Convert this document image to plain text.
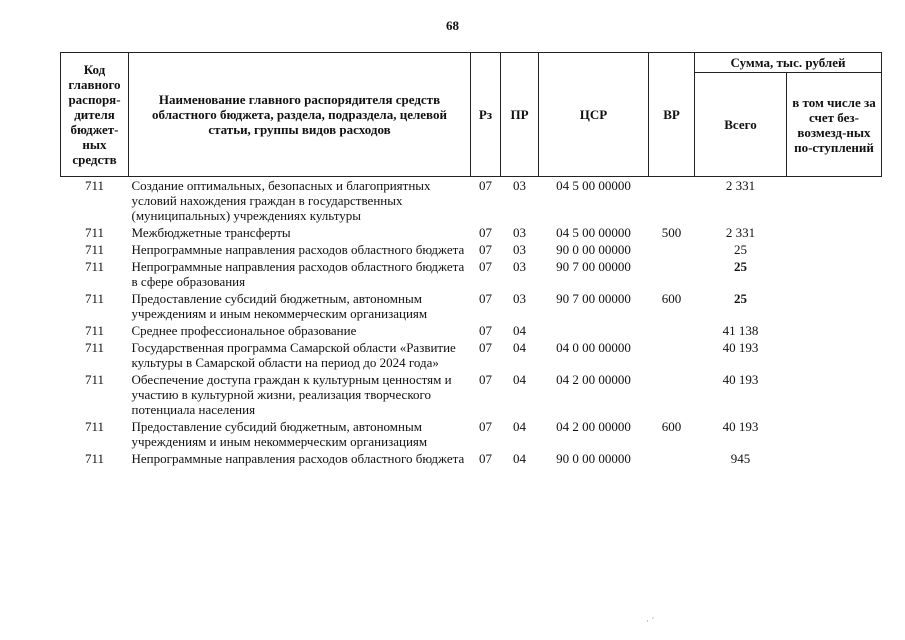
68
Код главного распоря-дителя бюджет-ных средств	Наименование главного распорядителя средств областного бюджета, раздела, подраздела, целевой статьи, группы видов расходов	Рз	ПР	ЦСР	ВР	Сумма, тыс. рублей	
						Всего	в том числе за счет без-возмезд-ных по-ступлений
711	Создание оптимальных, безопасных и благоприятных условий нахождения граждан в государственных (муниципальных) учреждениях культуры	07	03	04 5 00 00000		2 331	
711	Межбюджетные трансферты	07	03	04 5 00 00000	500	2 331	
711	Непрограммные направления расходов областного бюджета	07	03	90 0 00 00000		25	
711	Непрограммные направления расходов областного бюджета в сфере образования	07	03	90 7 00 00000		25	
711	Предоставление субсидий бюджетным, автономным учреждениям и иным некоммерческим организациям	07	03	90 7 00 00000	600	25	
711	Среднее профессиональное образование	07	04			41 138	
711	Государственная программа Самарской области «Развитие культуры в Самарской области на период до 2024 года»	07	04	04 0 00 00000		40 193	
711	Обеспечение доступа граждан к культурным ценностям и участию в культурной жизни, реализация творческого потенциала населения	07	04	04 2 00 00000		40 193	
711	Предоставление субсидий бюджетным, автономным учреждениям и иным некоммерческим организациям	07	04	04 2 00 00000	600	40 193	
711	Непрограммные направления расходов областного бюджета	07	04	90 0 00 00000		945	
· ´
